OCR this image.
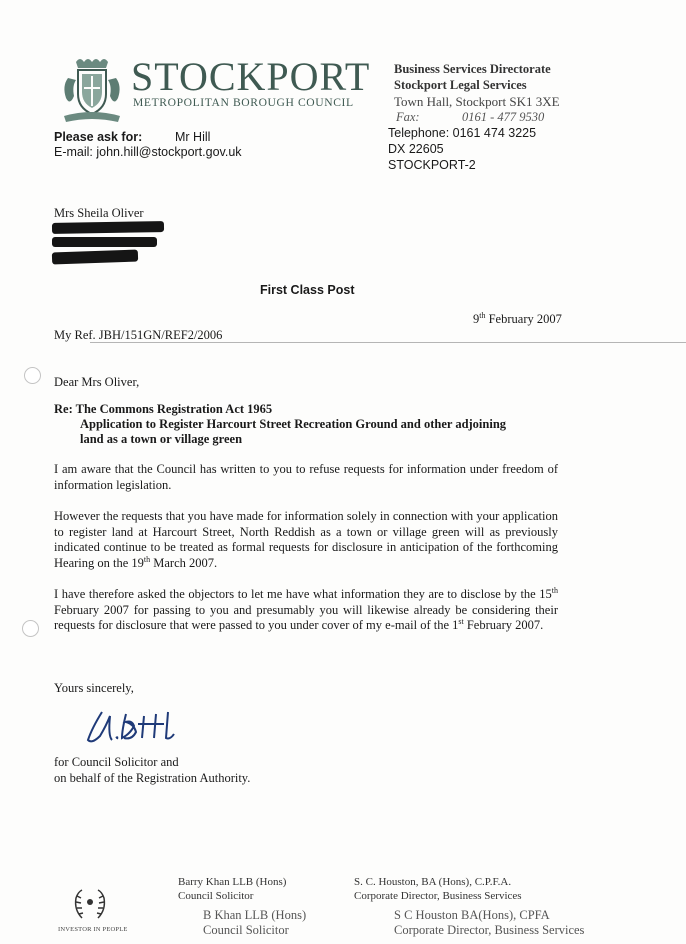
STOCKPORT
METROPOLITAN BOROUGH COUNCIL
Business Services Directorate
Stockport Legal Services
Town Hall, Stockport SK1 3XE
Fax:	0161 - 477 9530
Telephone: 0161 474 3225
DX 22605
STOCKPORT-2
Please ask for:	Mr Hill
E-mail: john.hill@stockport.gov.uk
Mrs Sheila Oliver
First Class Post
9th February 2007
My Ref. JBH/151GN/REF2/2006
Dear Mrs Oliver,
Re: The Commons Registration Act 1965
Application to Register Harcourt Street Recreation Ground and other adjoining
land as a town or village green
I am aware that the Council has written to you to refuse requests for information under freedom of information legislation.
However the requests that you have made for information solely in connection with your application to register land at Harcourt Street, North Reddish as a town or village green will as previously indicated continue to be treated as formal requests for disclosure in anticipation of the forthcoming Hearing on the 19th March 2007.
I have therefore asked the objectors to let me have what information they are to disclose by the 15th February 2007 for passing to you and presumably you will likewise already be considering their requests for disclosure that were passed to you under cover of my e-mail of the 1st February 2007.
Yours sincerely,
for Council Solicitor and
on behalf of the Registration Authority.
INVESTOR IN PEOPLE
Barry Khan LLB (Hons)
Council Solicitor
B Khan LLB (Hons)
Council Solicitor
S. C. Houston, BA (Hons), C.P.F.A.
Corporate Director, Business Services
S C Houston BA(Hons), CPFA
Corporate Director, Business Services
